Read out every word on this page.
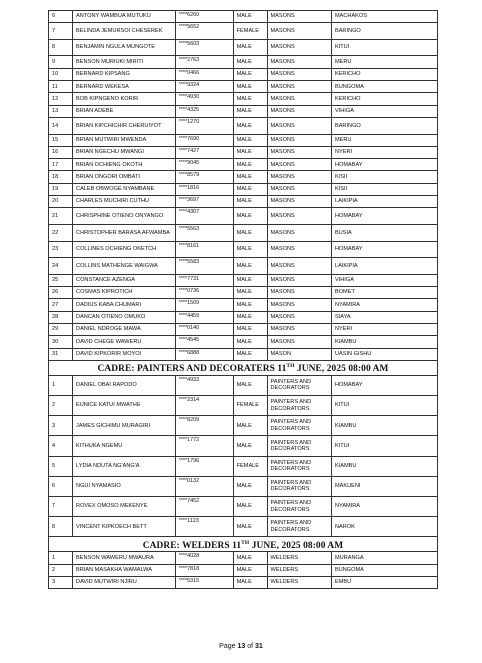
6	ANTONY WAMBUA MUTUKU	****6260	MALE	MASONS	MACHAKOS
7	BELINDA JEMURSOI CHESEREK	****5652	FEMALE	MASONS	BARINGO
8	BENJAMIN NGULA MUNGOTE	****5603	MALE	MASONS	KITUI
9	BENSON MURIUKI MIRITI	****2763	MALE	MASONS	MERU
10	BERNARD KIPSANG	****0466	MALE	MASONS	KERICHO
11	BERNARD WEKESA	****9324	MALE	MASONS	BUNGOMA
12	BOB KIPNGENO KORIR	****4930	MALE	MASONS	KERICHO
13	BRIAN ADEBE	****4325	MALE	MASONS	VIHIGA
14	BRIAN KIPCHICHIR CHERUIYOT	****1270	MALE	MASONS	BARINGO
15	BRIAN MUTWIRI MWENDA	****7690	MALE	MASONS	MERU
16	BRIAN NGECHU MWANGI	****7427	MALE	MASONS	NYERI
17	BRIAN OCHIENG OKOTH	****9045	MALE	MASONS	HOMABAY
18	BRIAN ONGORI OMBATI	****8579	MALE	MASONS	KISII
19	CALEB OBWOGE NYAMBANE	****1816	MALE	MASONS	KISII
20	CHARLES MUCHIRI CUTHU	****3697	MALE	MASONS	LAIKIPIA
21	CHRISPHINE OTIENO ONYANGO	****4307	MALE	MASONS	HOMABAY
22	CHRISTOPHER BARASA AFWAMBA	****5563	MALE	MASONS	BUSIA
23	COLLINES OCHIENG OKETCH	****8161	MALE	MASONS	HOMABAY
24	COLLINS MATHENGE WAIGWA	****5583	MALE	MASONS	LAIKIPIA
25	CONSTANCE AZENGA	****7731	MALE	MASONS	VIHIGA
26	COSMAS KIPROTICH	****0736	MALE	MASONS	BOMET
27	DADIUS KABA CHUMARI	****1509	MALE	MASONS	NYAMIRA
28	DANCAN OTIENO OMUKO	****4459	MALE	MASONS	SIAYA
29	DANIEL NDROGE MAWA	****0140	MALE	MASONS	NYERI
30	DAVID CHEGE WAWERU	****4545	MALE	MASONS	KIAMBU
31	DAVID KIPKORIR MOYOI	****6888	MALE	MASON	UASIN GISHU
CADRE: PAINTERS AND DECORATERS 11TH JUNE, 2025 08:00 AM					
1	DANIEL OBAI RAPODO	****4933	MALE	PAINTERS AND DECORATORS	HOMABAY
2	EUNICE KATUI MWATHE	****2314	FEMALE	PAINTERS AND DECORATORS	KITUI
3	JAMES GICHIMU MURAGIRI	****8209	MALE	PAINTERS AND DECORATORS	KIAMBU
4	KITHUKA NGEMU	****1772	MALE	PAINTERS AND DECORATORS	KITUI
5	LYDIA NDUTA NG'ANG'A	****1796	FEMALE	PAINTERS AND DECORATORS	KIAMBU
6	NGUI NYAMASIO	****0132	MALE	PAINTERS AND DECORATORS	MAKUENI
7	ROVEX OMOSO MEKENYE	****7452	MALE	PAINTERS AND DECORATORS	NYAMIRA
8	VINCENT KIPKOECH BETT	****1123	MALE	PAINTERS AND DECORATORS	NAROK
CADRE: WELDERS 11TH JUNE, 2025 08:00 AM					
1	BENSON WAWERU MWAURA	****4028	MALE	WELDERS	MURANGA
2	BRIAN MASAKHA WAMALWA	****7818	MALE	WELDERS	BUNGOMA
3	DAVID MUTWIRI NJIRU	****5315	MALE	WELDERS	EMBU
Page 13 of 31
